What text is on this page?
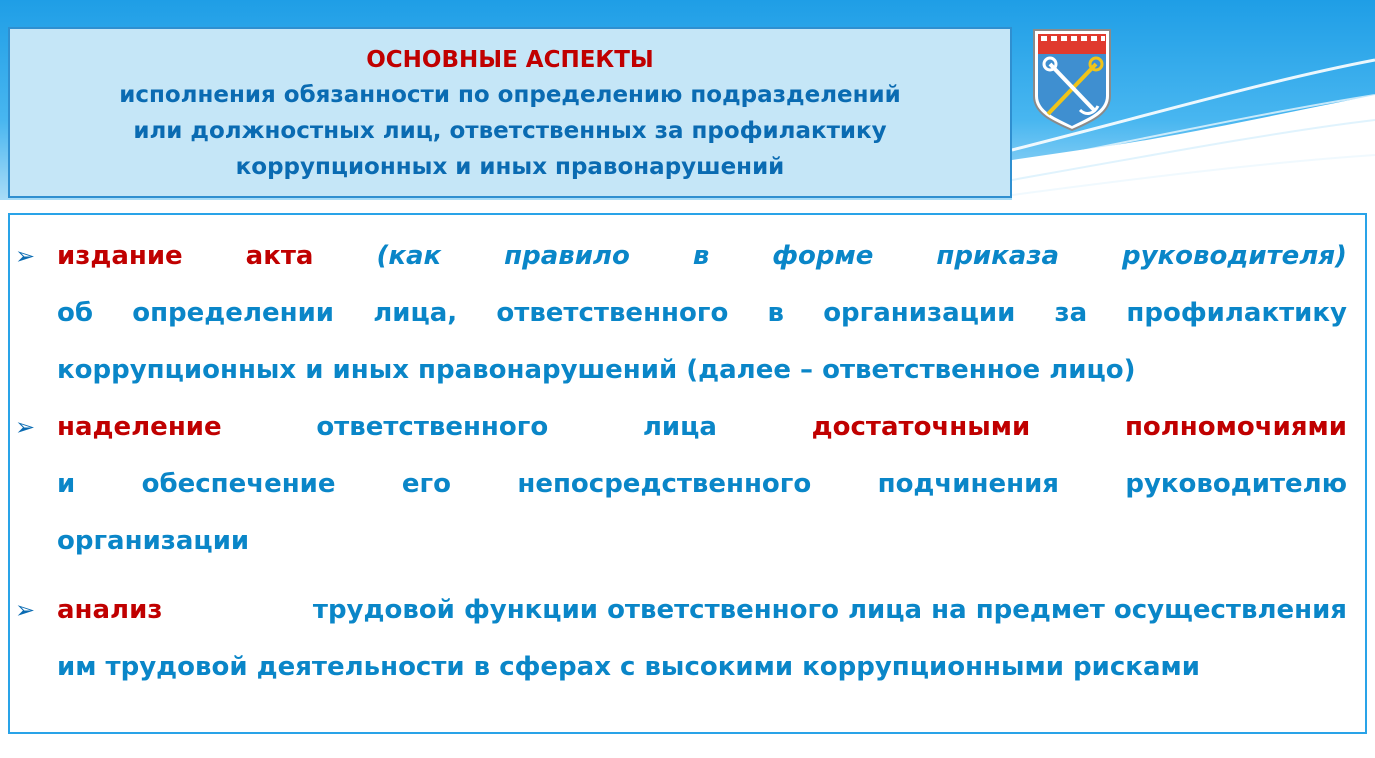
ОСНОВНЫЕ АСПЕКТЫ
исполнения обязанности по определению подразделений
или должностных лиц, ответственных за профилактику
коррупционных и иных правонарушений
➢ издание акта (как правило в форме приказа руководителя)
об определении лица, ответственного в организации за профилактику
коррупционных и иных правонарушений (далее – ответственное лицо)
➢ наделение	ответственного	лица	достаточными	полномочиями
и	обеспечение	его	непосредственного	подчинения	руководителю
организации
➢ анализ	трудовой функции ответственного лица на предмет осуществления
им трудовой деятельности в сферах с высокими коррупционными рисками
